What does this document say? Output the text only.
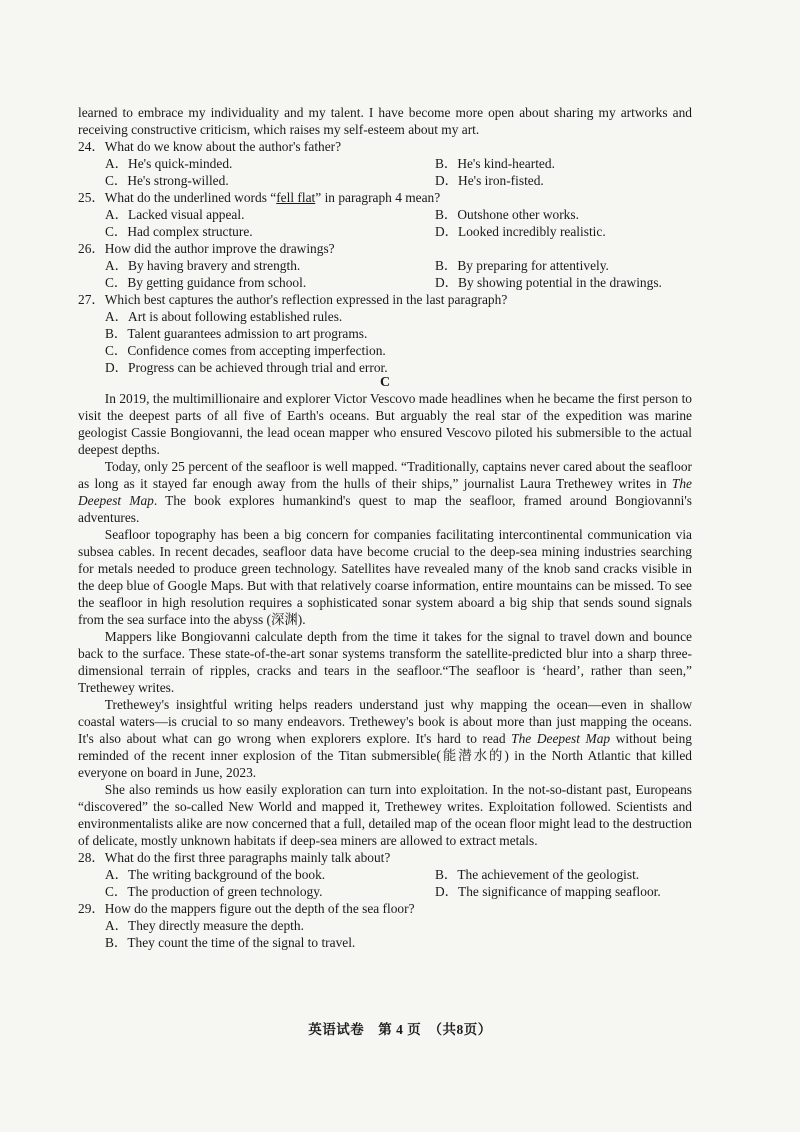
learned to embrace my individuality and my talent. I have become more open about sharing my artworks and receiving constructive criticism, which raises my self-esteem about my art.

24．What do we know about the author's father?

A．He's quick-minded.	B．He's kind-hearted.
C．He's strong-willed.	D．He's iron-fisted.

25．What do the underlined words “fell flat” in paragraph 4 mean?

A．Lacked visual appeal.	B．Outshone other works.
C．Had complex structure.	D．Looked incredibly realistic.

26．How did the author improve the drawings?

A．By having bravery and strength.	B．By preparing for attentively.
C．By getting guidance from school.	D．By showing potential in the drawings.

27．Which best captures the author's reflection expressed in the last paragraph?

A．Art is about following established rules.
B．Talent guarantees admission to art programs.
C．Confidence comes from accepting imperfection.
D．Progress can be achieved through trial and error.
C

In 2019, the multimillionaire and explorer Victor Vescovo made headlines when he became the first person to visit the deepest parts of all five of Earth's oceans. But arguably the real star of the expedition was marine geologist Cassie Bongiovanni, the lead ocean mapper who ensured Vescovo piloted his submersible to the actual deepest depths.

Today, only 25 percent of the seafloor is well mapped. “Traditionally, captains never cared about the seafloor as long as it stayed far enough away from the hulls of their ships,” journalist Laura Trethewey writes in The Deepest Map. The book explores humankind's quest to map the seafloor, framed around Bongiovanni's adventures.

Seafloor topography has been a big concern for companies facilitating intercontinental communication via subsea cables. In recent decades, seafloor data have become crucial to the deep-sea mining industries searching for metals needed to produce green technology. Satellites have revealed many of the knob sand cracks visible in the deep blue of Google Maps. But with that relatively coarse information, entire mountains can be missed. To see the seafloor in high resolution requires a sophisticated sonar system aboard a big ship that sends sound signals from the sea surface into the abyss (深渊).

Mappers like Bongiovanni calculate depth from the time it takes for the signal to travel down and bounce back to the surface. These state-of-the-art sonar systems transform the satellite-predicted blur into a sharp three-dimensional terrain of ripples, cracks and tears in the seafloor.“The seafloor is ‘heard’, rather than seen,” Trethewey writes.

Trethewey's insightful writing helps readers understand just why mapping the ocean—even in shallow coastal waters—is crucial to so many endeavors. Trethewey's book is about more than just mapping the oceans. It's also about what can go wrong when explorers explore. It's hard to read The Deepest Map without being reminded of the recent inner explosion of the Titan submersible(能潜水的) in the North Atlantic that killed everyone on board in June, 2023.

She also reminds us how easily exploration can turn into exploitation. In the not-so-distant past, Europeans “discovered” the so-called New World and mapped it, Trethewey writes. Exploitation followed. Scientists and environmentalists alike are now concerned that a full, detailed map of the ocean floor might lead to the destruction of delicate, mostly unknown habitats if deep-sea miners are allowed to extract metals.

28．What do the first three paragraphs mainly talk about?

A．The writing background of the book.	B．The achievement of the geologist.
C．The production of green technology.	D．The significance of mapping seafloor.

29．How do the mappers figure out the depth of the sea floor?

A．They directly measure the depth.
B．They count the time of the signal to travel.
英语试卷　第 4 页　（共8页）
